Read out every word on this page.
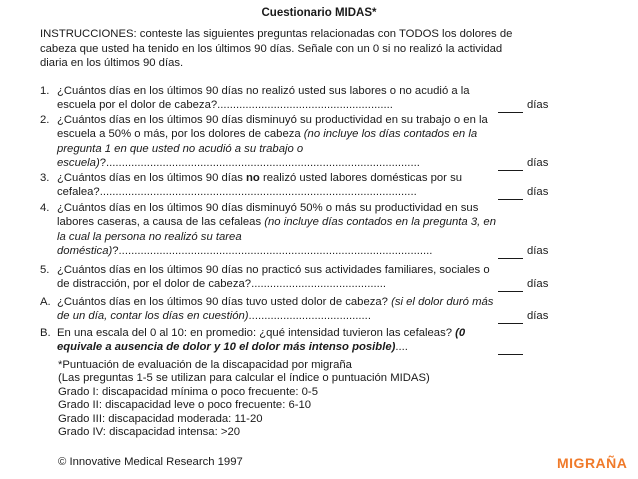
Cuestionario MIDAS*
INSTRUCCIONES: conteste las siguientes preguntas relacionadas con TODOS los dolores de cabeza que usted ha tenido en los últimos 90 días. Señale con un 0 si no realizó la actividad diaria en los últimos 90 días.
1. ¿Cuántos días en los últimos 90 días no realizó usted sus labores o no acudió a la escuela por el dolor de cabeza?........................................................	días
2. ¿Cuántos días en los últimos 90 días disminuyó su productividad en su trabajo o en la escuela a 50% o más, por los dolores de cabeza (no incluye los días contados en la pregunta 1 en que usted no acudió a su trabajo o escuela)?....................................................................................................	días
3. ¿Cuántos días en los últimos 90 días no realizó usted labores domésticas por su cefalea?.....................................................................................................	días
4. ¿Cuántos días en los últimos 90 días disminuyó 50% o más su productividad en sus labores caseras, a causa de las cefaleas (no incluye días contados en la pregunta 3, en la cual la persona no realizó su tarea doméstica)?....................................................................................................	días
5. ¿Cuántos días en los últimos 90 días no practicó sus actividades familiares, sociales o de distracción, por el dolor de cabeza?...........................................	días
A. ¿Cuántos días en los últimos 90 días tuvo usted dolor de cabeza? (si el dolor duró más de un día, contar los días en cuestión).......................................	días
B. En una escala del 0 al 10: en promedio: ¿qué intensidad tuvieron las cefaleas? (0 equivale a ausencia de dolor y 10 el dolor más intenso posible)....
*Puntuación de evaluación de la discapacidad por migraña
(Las preguntas 1-5 se utilizan para calcular el índice o puntuación MIDAS)
Grado I: discapacidad mínima o poco frecuente: 0-5
Grado II: discapacidad leve o poco frecuente: 6-10
Grado III: discapacidad moderada: 11-20
Grado IV: discapacidad intensa: >20
© Innovative Medical Research 1997	MIGRAÑA
